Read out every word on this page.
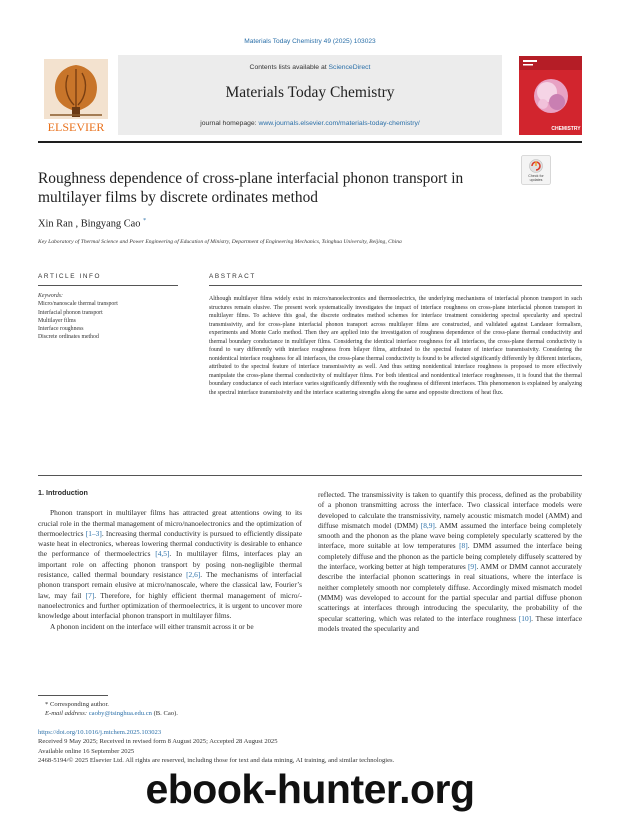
Materials Today Chemistry 49 (2025) 103023
ELSEVIER
Contents lists available at ScienceDirect
Materials Today Chemistry
journal homepage: www.journals.elsevier.com/materials-today-chemistry/
CHEMISTRY
Roughness dependence of cross-plane interfacial phonon transport in multilayer films by discrete ordinates method
Check for
updates
Xin Ran , Bingyang Cao *
Key Laboratory of Thermal Science and Power Engineering of Education of Ministry, Department of Engineering Mechanics, Tsinghua University, Beijing, China
ARTICLE INFO
Keywords:
Micro/nanoscale thermal transport
Interfacial phonon transport
Multilayer films
Interface roughness
Discrete ordinates method
ABSTRACT
Although multilayer films widely exist in micro/nanoelectronics and thermoelectrics, the underlying mechanisms of interfacial phonon transport in such structures remain elusive. The present work systematically investigates the impact of interface roughness on cross-plane interfacial phonon transport in multilayer films. To achieve this goal, the discrete ordinates method schemes for interface treatment considering spectral specularity and spectral transmissivity, and for cross-plane interfacial phonon transport across multilayer films are constructed, and validated against Landauer formalism, experiments and Monte Carlo method. Then they are applied into the investigation of roughness dependence of the cross-plane thermal conductivity and thermal boundary conductance in multilayer films. Considering the identical interface roughness for all interfaces, the cross-plane thermal conductivity is found to vary differently with interface roughness from bilayer films, attributed to the spectral feature of interface transmissivity. Considering the nonidentical interface roughness for all interfaces, the cross-plane thermal conductivity is found to be affected significantly differently by different interfaces, attributed to the spectral feature of interface transmissivity as well. And thus setting nonidentical interface roughness is proposed to more effectively manipulate the cross-plane thermal conductivity of multilayer films. For both identical and nonidentical interface roughnesses, it is found that the thermal boundary conductance of each interface varies significantly differently with the roughness of different interfaces. This phenomenon is explained by analyzing the spectral interface transmissivity and the interface scattering strengths along the same and opposite directions of heat flux.
1. Introduction

Phonon transport in multilayer films has attracted great attentions owing to its crucial role in the thermal management of micro/nanoelectronics and the optimization of thermoelectrics [1–3]. Increasing thermal conductivity is pursued to efficiently dissipate waste heat in electronics, whereas lowering thermal conductivity is desirable to enhance the performance of thermoelectrics [4,5]. In multilayer films, interfaces play an important role on affecting phonon transport by posing non-negligible thermal resistance, called thermal boundary resistance [2,6]. The mechanisms of interfacial phonon transport remain elusive at micro/nanoscale, where the classical law, Fourier’s law, may fail [7]. Therefore, for highly efficient thermal management of micro/-nanoelectronics and further optimization of thermoelectrics, it is urgent to uncover more knowledge about interfacial phonon transport in multilayer films.

A phonon incident on the interface will either transmit across it or be

reflected. The transmissivity is taken to quantify this process, defined as the probability of a phonon transmitting across the interface. Two classical interface models were developed to calculate the transmissivity, namely acoustic mismatch model (AMM) and diffuse mismatch model (DMM) [8,9]. AMM assumed the interface being completely smooth and the phonon as the plane wave being completely specularly scattered by the interface, more suitable at low temperatures [8]. DMM assumed the interface being completely diffuse and the phonon as the particle being completely diffusely scattered by the interface, working better at high temperatures [9]. AMM or DMM cannot accurately describe the interfacial phonon scatterings in real situations, where the interface is neither completely smooth nor completely diffuse. Accordingly mixed mismatch model (MMM) was developed to account for the partial specular and partial diffuse phonon scatterings at interfaces through introducing the specularity, the probability of the specular scattering, which was related to the interface roughness [10]. These interface models treated the specularity and

* Corresponding author.
E-mail address: caoby@tsinghua.edu.cn (B. Cao).
https://doi.org/10.1016/j.mtchem.2025.103023
Received 9 May 2025; Received in revised form 8 August 2025; Accepted 28 August 2025
Available online 16 September 2025
2468-5194/© 2025 Elsevier Ltd. All rights are reserved, including those for text and data mining, AI training, and similar technologies.
ebook-hunter.org
